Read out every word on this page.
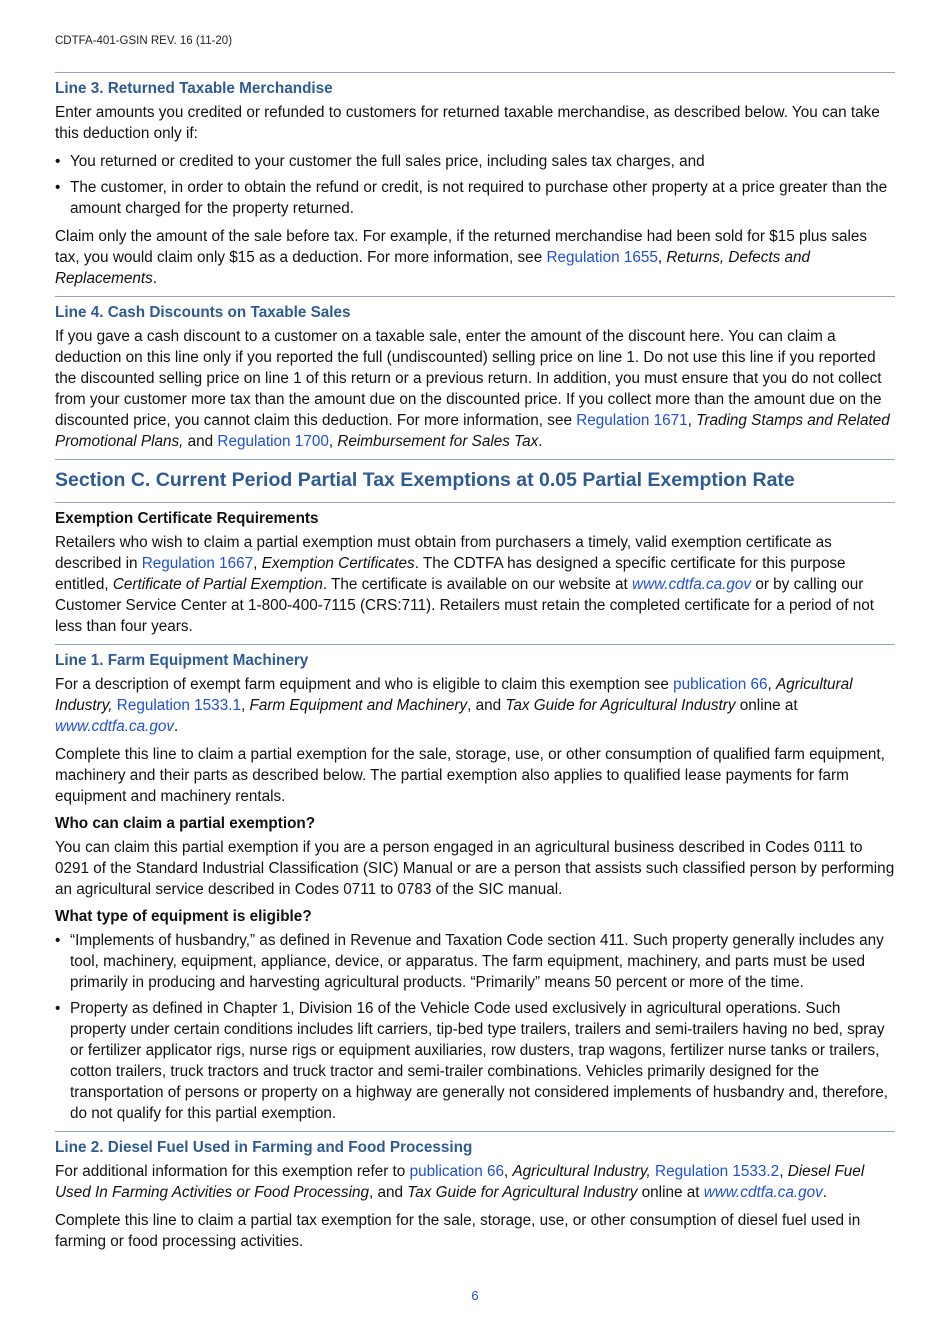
CDTFA-401-GSIN REV. 16 (11-20)
Line 3. Returned Taxable Merchandise

Enter amounts you credited or refunded to customers for returned taxable merchandise, as described below. You can take this deduction only if:

• You returned or credited to your customer the full sales price, including sales tax charges, and
• The customer, in order to obtain the refund or credit, is not required to purchase other property at a price greater than the amount charged for the property returned.

Claim only the amount of the sale before tax. For example, if the returned merchandise had been sold for $15 plus sales tax, you would claim only $15 as a deduction. For more information, see Regulation 1655, Returns, Defects and Replacements.

Line 4. Cash Discounts on Taxable Sales

If you gave a cash discount to a customer on a taxable sale, enter the amount of the discount here. You can claim a deduction on this line only if you reported the full (undiscounted) selling price on line 1. Do not use this line if you reported the discounted selling price on line 1 of this return or a previous return. In addition, you must ensure that you do not collect from your customer more tax than the amount due on the discounted price. If you collect more than the amount due on the discounted price, you cannot claim this deduction. For more information, see Regulation 1671, Trading Stamps and Related Promotional Plans, and Regulation 1700, Reimbursement for Sales Tax.

Section C. Current Period Partial Tax Exemptions at 0.05 Partial Exemption Rate
Exemption Certificate Requirements

Retailers who wish to claim a partial exemption must obtain from purchasers a timely, valid exemption certificate as described in Regulation 1667, Exemption Certificates. The CDTFA has designed a specific certificate for this purpose entitled, Certificate of Partial Exemption. The certificate is available on our website at www.cdtfa.ca.gov or by calling our Customer Service Center at 1-800-400-7115 (CRS:711). Retailers must retain the completed certificate for a period of not less than four years.

Line 1. Farm Equipment Machinery

For a description of exempt farm equipment and who is eligible to claim this exemption see publication 66, Agricultural Industry, Regulation 1533.1, Farm Equipment and Machinery, and Tax Guide for Agricultural Industry online at www.cdtfa.ca.gov.

Complete this line to claim a partial exemption for the sale, storage, use, or other consumption of qualified farm equipment, machinery and their parts as described below. The partial exemption also applies to qualified lease payments for farm equipment and machinery rentals.

Who can claim a partial exemption?

You can claim this partial exemption if you are a person engaged in an agricultural business described in Codes 0111 to 0291 of the Standard Industrial Classification (SIC) Manual or are a person that assists such classified person by performing an agricultural service described in Codes 0711 to 0783 of the SIC manual.

What type of equipment is eligible?
• “Implements of husbandry,” as defined in Revenue and Taxation Code section 411. Such property generally includes any tool, machinery, equipment, appliance, device, or apparatus. The farm equipment, machinery, and parts must be used primarily in producing and harvesting agricultural products. “Primarily” means 50 percent or more of the time.
• Property as defined in Chapter 1, Division 16 of the Vehicle Code used exclusively in agricultural operations. Such property under certain conditions includes lift carriers, tip-bed type trailers, trailers and semi-trailers having no bed, spray or fertilizer applicator rigs, nurse rigs or equipment auxiliaries, row dusters, trap wagons, fertilizer nurse tanks or trailers, cotton trailers, truck tractors and truck tractor and semi-trailer combinations. Vehicles primarily designed for the transportation of persons or property on a highway are generally not considered implements of husbandry and, therefore, do not qualify for this partial exemption.
Line 2. Diesel Fuel Used in Farming and Food Processing

For additional information for this exemption refer to publication 66, Agricultural Industry, Regulation 1533.2, Diesel Fuel Used In Farming Activities or Food Processing, and Tax Guide for Agricultural Industry online at www.cdtfa.ca.gov.

Complete this line to claim a partial tax exemption for the sale, storage, use, or other consumption of diesel fuel used in farming or food processing activities.

6
